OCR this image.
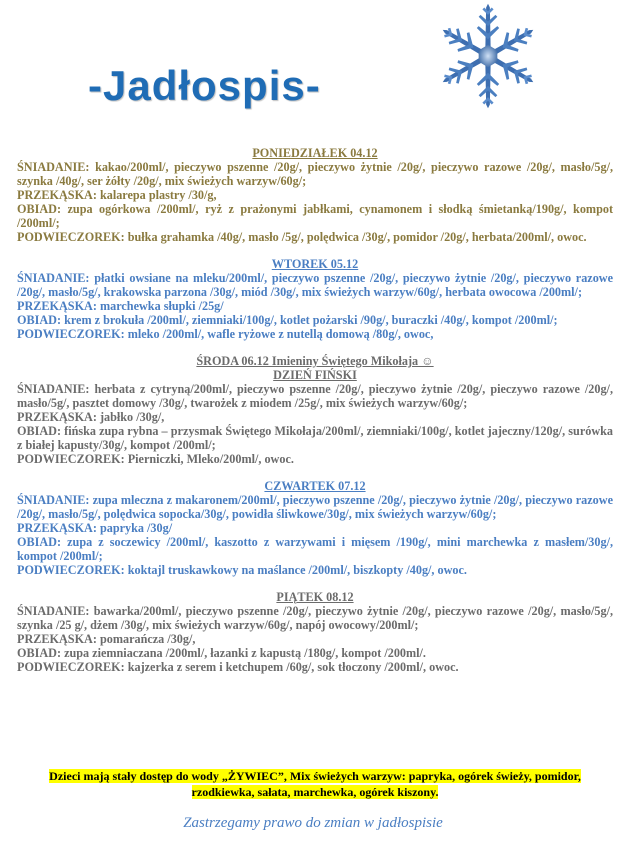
-Jadłospis-
PONIEDZIAŁEK 04.12

ŚNIADANIE: kakao/200ml/, pieczywo pszenne /20g/, pieczywo żytnie /20g/, pieczywo razowe /20g/, masło/5g/, szynka /40g/, ser żółty /20g/, mix świeżych warzyw/60g/;

PRZEKĄSKA: kalarepa plastry /30/g,

OBIAD: zupa ogórkowa /200ml/, ryż z prażonymi jabłkami, cynamonem i słodką śmietanką/190g/, kompot /200ml/;

PODWIECZOREK: bułka grahamka /40g/, masło /5g/, polędwica /30g/, pomidor /20g/, herbata/200ml/, owoc.

WTOREK 05.12

ŚNIADANIE: płatki owsiane na mleku/200ml/, pieczywo pszenne /20g/, pieczywo żytnie /20g/, pieczywo razowe /20g/, masło/5g/, krakowska parzona /30g/, miód /30g/, mix świeżych warzyw/60g/, herbata owocowa /200ml/;

PRZEKĄSKA: marchewka słupki /25g/

OBIAD: krem z brokuła /200ml/, ziemniaki/100g/, kotlet pożarski /90g/, buraczki /40g/, kompot /200ml/;

PODWIECZOREK: mleko /200ml/, wafle ryżowe z nutellą domową /80g/, owoc,

ŚRODA 06.12 Imieniny Świętego Mikołaja ☺
DZIEŃ FIŃSKI

ŚNIADANIE: herbata z cytryną/200ml/, pieczywo pszenne /20g/, pieczywo żytnie /20g/, pieczywo razowe /20g/, masło/5g/, pasztet domowy /30g/, twarożek z miodem /25g/, mix świeżych warzyw/60g/;

PRZEKĄSKA: jabłko /30g/,

OBIAD: fińska zupa rybna – przysmak Świętego Mikołaja/200ml/, ziemniaki/100g/, kotlet jajeczny/120g/, surówka z białej kapusty/30g/, kompot /200ml/;

PODWIECZOREK: Pierniczki, Mleko/200ml/, owoc.

CZWARTEK 07.12

ŚNIADANIE: zupa mleczna z makaronem/200ml/, pieczywo pszenne /20g/, pieczywo żytnie /20g/, pieczywo razowe /20g/, masło/5g/, polędwica sopocka/30g/, powidła śliwkowe/30g/, mix świeżych warzyw/60g/;

PRZEKĄSKA: papryka /30g/

OBIAD: zupa z soczewicy /200ml/, kaszotto z warzywami i mięsem /190g/, mini marchewka z masłem/30g/, kompot /200ml/;

PODWIECZOREK: koktajl truskawkowy na maślance /200ml/, biszkopty /40g/, owoc.

PIĄTEK 08.12

ŚNIADANIE: bawarka/200ml/, pieczywo pszenne /20g/, pieczywo żytnie /20g/, pieczywo razowe /20g/, masło/5g/, szynka /25 g/, dżem /30g/, mix świeżych warzyw/60g/, napój owocowy/200ml/;

PRZEKĄSKA: pomarańcza /30g/,

OBIAD: zupa ziemniaczana /200ml/, łazanki z kapustą /180g/, kompot /200ml/.

PODWIECZOREK: kajzerka z serem i ketchupem /60g/, sok tłoczony /200ml/, owoc.

Dzieci mają stały dostęp do wody „ŻYWIEC”, Mix świeżych warzyw: papryka, ogórek świeży, pomidor, rzodkiewka, sałata, marchewka, ogórek kiszony.
Zastrzegamy prawo do zmian w jadłospisie
